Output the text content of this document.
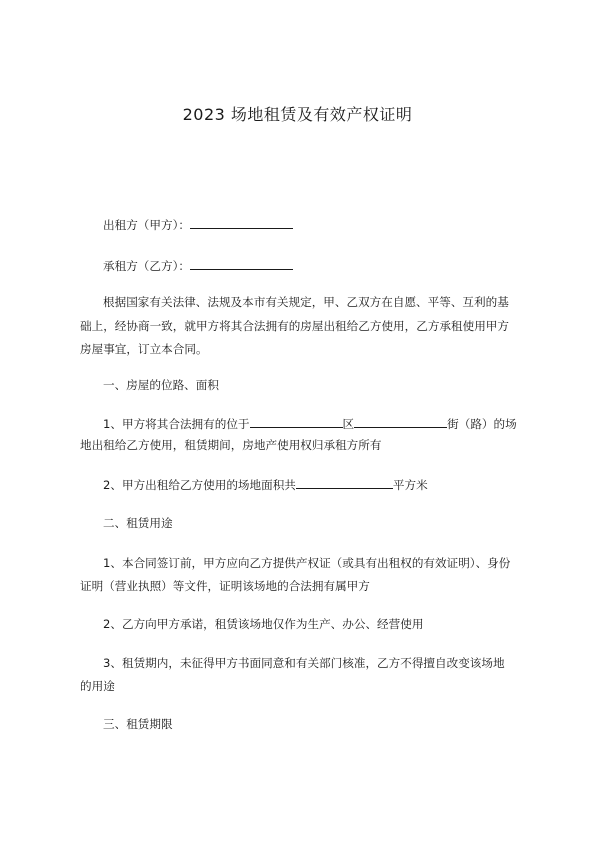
2023 场地租赁及有效产权证明
出租方（甲方）：
承租方（乙方）：
根据国家有关法律、法规及本市有关规定，甲、乙双方在自愿、平等、互利的基
础上，经协商一致，就甲方将其合法拥有的房屋出租给乙方使用，乙方承租使用甲方
房屋事宜，订立本合同。
一、房屋的位路、面积
1、甲方将其合法拥有的位于	区	街（路）的场
地出租给乙方使用，租赁期间，房地产使用权归承租方所有
2、甲方出租给乙方使用的场地面积共	平方米
二、租赁用途
1、本合同签订前，甲方应向乙方提供产权证（或具有出租权的有效证明）、身份
证明（营业执照）等文件，证明该场地的合法拥有属甲方
2、乙方向甲方承诺，租赁该场地仅作为生产、办公、经营使用
3、租赁期内，未征得甲方书面同意和有关部门核准，乙方不得擅自改变该场地
的用途
三、租赁期限
